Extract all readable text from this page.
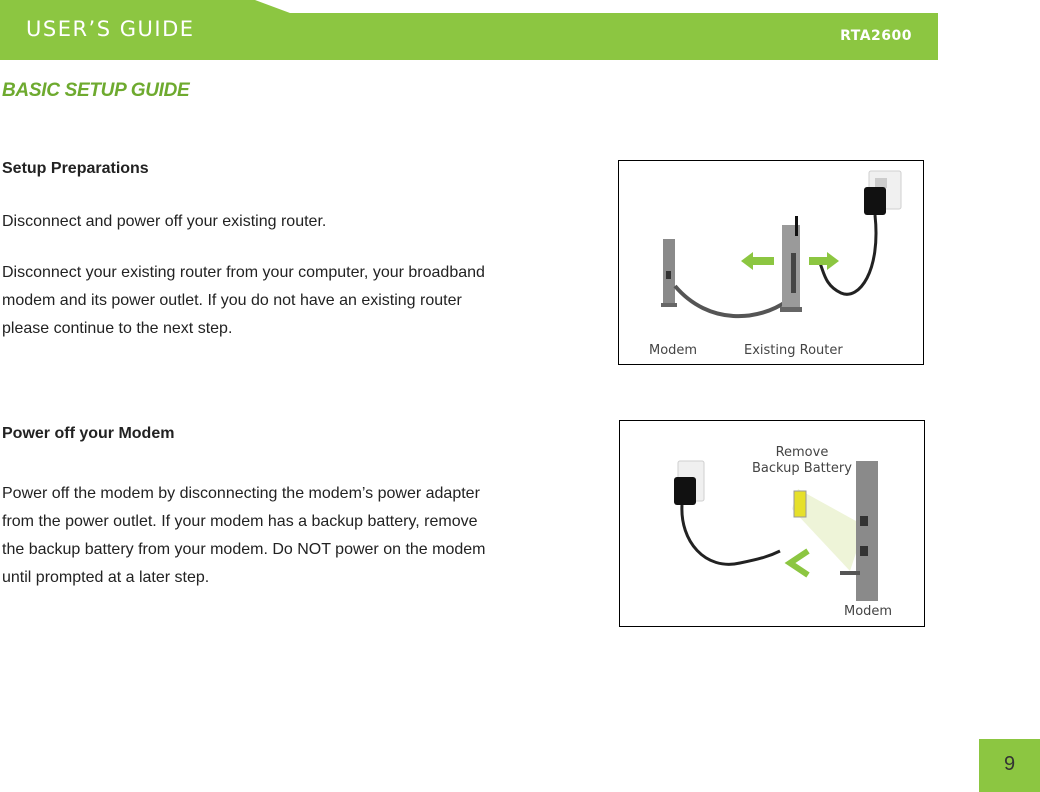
USER’S GUIDE	RTA2600
BASIC SETUP GUIDE
Setup Preparations
Disconnect and power off your existing router.
Disconnect your existing router from your computer, your broadband
modem and its power outlet. If you do not have an existing router
please continue to the next step.
Modem	Existing Router
Power off your Modem
Power off the modem by disconnecting the modem’s power adapter
from the power outlet. If your modem has a backup battery, remove
the backup battery from your modem. Do NOT power on the modem
until prompted at a later step.
Remove
Backup Battery
Modem
9
